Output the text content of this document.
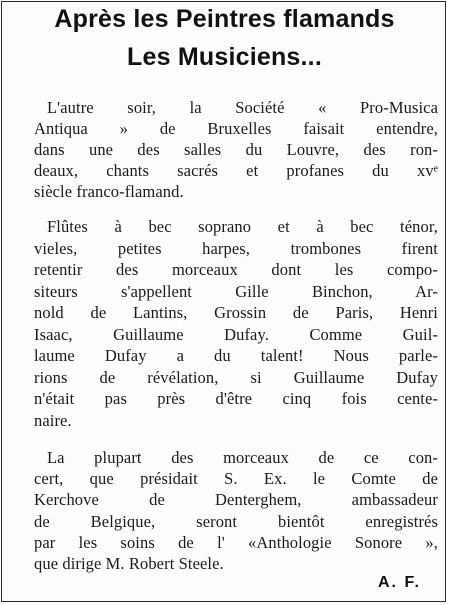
Après les Peintres flamands
Les Musiciens...
L'autre soir, la Société « Pro-Musica
Antiqua » de Bruxelles faisait entendre,
dans une des salles du Louvre, des ron-
deaux, chants sacrés et profanes du xvᵉ
siècle franco-flamand.
Flûtes à bec soprano et à bec ténor,
vieles, petites harpes, trombones firent
retentir des morceaux dont les compo-
siteurs s'appellent Gille Binchon, Ar-
nold de Lantins, Grossin de Paris, Henri
Isaac, Guillaume Dufay. Comme Guil-
laume Dufay a du talent! Nous parle-
rions de révélation, si Guillaume Dufay
n'était pas près d'être cinq fois cente-
naire.
La plupart des morceaux de ce con-
cert, que présidait S. Ex. le Comte de
Kerchove de Denterghem, ambassadeur
de Belgique, seront bientôt enregistrés
par les soins de l' «Anthologie Sonore »,
que dirige M. Robert Steele.
A. F.
